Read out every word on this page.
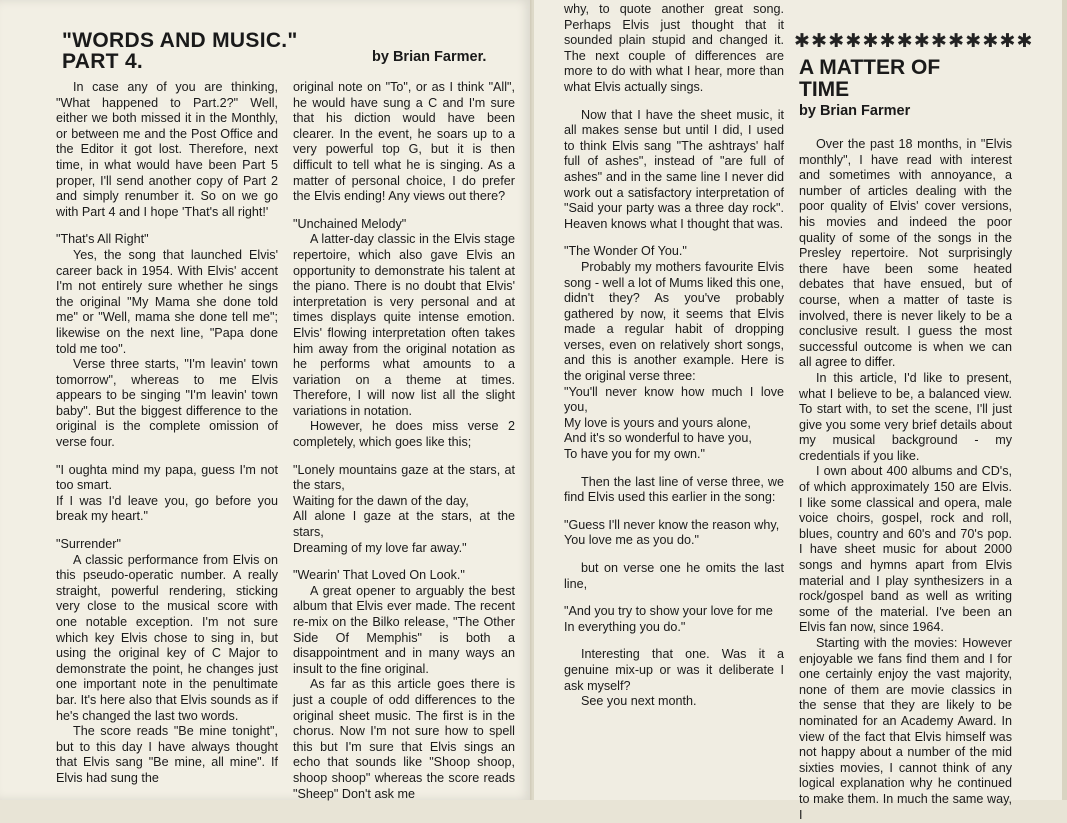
"WORDS AND MUSIC."
PART 4.	by Brian Farmer.

In case any of you are thinking, "What happened to Part.2?" Well, either we both missed it in the Monthly, or between me and the Post Office and the Editor it got lost. Therefore, next time, in what would have been Part 5 proper, I'll send another copy of Part 2 and simply renumber it. So on we go with Part 4 and I hope 'That's all right!'

"That's All Right"

Yes, the song that launched Elvis' career back in 1954. With Elvis' accent I'm not entirely sure whether he sings the original "My Mama she done told me" or "Well, mama she done tell me"; likewise on the next line, "Papa done told me too".

Verse three starts, "I'm leavin' town tomorrow", whereas to me Elvis appears to be singing "I'm leavin' town baby". But the biggest difference to the original is the complete omission of verse four.

"I oughta mind my papa, guess I'm not too smart.

If I was I'd leave you, go before you break my heart."

"Surrender"

A classic performance from Elvis on this pseudo-operatic number. A really straight, powerful rendering, sticking very close to the musical score with one notable exception. I'm not sure which key Elvis chose to sing in, but using the original key of C Major to demonstrate the point, he changes just one important note in the penultimate bar. It's here also that Elvis sounds as if he's changed the last two words.

The score reads "Be mine tonight", but to this day I have always thought that Elvis sang "Be mine, all mine". If Elvis had sung the

original note on "To", or as I think "All", he would have sung a C and I'm sure that his diction would have been clearer. In the event, he soars up to a very powerful top G, but it is then difficult to tell what he is singing. As a matter of personal choice, I do prefer the Elvis ending! Any views out there?

"Unchained Melody"

A latter-day classic in the Elvis stage repertoire, which also gave Elvis an opportunity to demonstrate his talent at the piano. There is no doubt that Elvis' interpretation is very personal and at times displays quite intense emotion. Elvis' flowing interpretation often takes him away from the original notation as he performs what amounts to a variation on a theme at times. Therefore, I will now list all the slight variations in notation.

However, he does miss verse 2 completely, which goes like this;

"Lonely mountains gaze at the stars, at the stars,

Waiting for the dawn of the day,

All alone I gaze at the stars, at the stars,

Dreaming of my love far away."

"Wearin' That Loved On Look."

A great opener to arguably the best album that Elvis ever made. The recent re-mix on the Bilko release, "The Other Side Of Memphis" is both a disappointment and in many ways an insult to the fine original.

As far as this article goes there is just a couple of odd differences to the original sheet music. The first is in the chorus. Now I'm not sure how to spell this but I'm sure that Elvis sings an echo that sounds like "Shoop shoop, shoop shoop" whereas the score reads "Sheep" Don't ask me

why, to quote another great song. Perhaps Elvis just thought that it sounded plain stupid and changed it. The next couple of differences are more to do with what I hear, more than what Elvis actually sings.

Now that I have the sheet music, it all makes sense but until I did, I used to think Elvis sang "The ashtrays' half full of ashes", instead of "are full of ashes" and in the same line I never did work out a satisfactory interpretation of "Said your party was a three day rock". Heaven knows what I thought that was.

"The Wonder Of You."

Probably my mothers favourite Elvis song - well a lot of Mums liked this one, didn't they? As you've probably gathered by now, it seems that Elvis made a regular habit of dropping verses, even on relatively short songs, and this is another example. Here is the original verse three:

"You'll never know how much I love you,

My love is yours and yours alone,

And it's so wonderful to have you,

To have you for my own."

Then the last line of verse three, we find Elvis used this earlier in the song:

"Guess I'll never know the reason why,

You love me as you do."

but on verse one he omits the last line,

"And you try to show your love for me

In everything you do."

Interesting that one. Was it a genuine mix-up or was it deliberate I ask myself?

See you next month.

✱✱✱✱✱✱✱✱✱✱✱✱✱✱
A MATTER OF
TIME
by Brian Farmer

Over the past 18 months, in "Elvis monthly", I have read with interest and sometimes with annoyance, a number of articles dealing with the poor quality of Elvis' cover versions, his movies and indeed the poor quality of some of the songs in the Presley repertoire. Not surprisingly there have been some heated debates that have ensued, but of course, when a matter of taste is involved, there is never likely to be a conclusive result. I guess the most successful outcome is when we can all agree to differ.

In this article, I'd like to present, what I believe to be, a balanced view. To start with, to set the scene, I'll just give you some very brief details about my musical background - my credentials if you like.

I own about 400 albums and CD's, of which approximately 150 are Elvis. I like some classical and opera, male voice choirs, gospel, rock and roll, blues, country and 60's and 70's pop. I have sheet music for about 2000 songs and hymns apart from Elvis material and I play synthesizers in a rock/gospel band as well as writing some of the material. I've been an Elvis fan now, since 1964.

Starting with the movies: However enjoyable we fans find them and I for one certainly enjoy the vast majority, none of them are movie classics in the sense that they are likely to be nominated for an Academy Award. In view of the fact that Elvis himself was not happy about a number of the mid sixties movies, I cannot think of any logical explanation why he continued to make them. In much the same way, I
